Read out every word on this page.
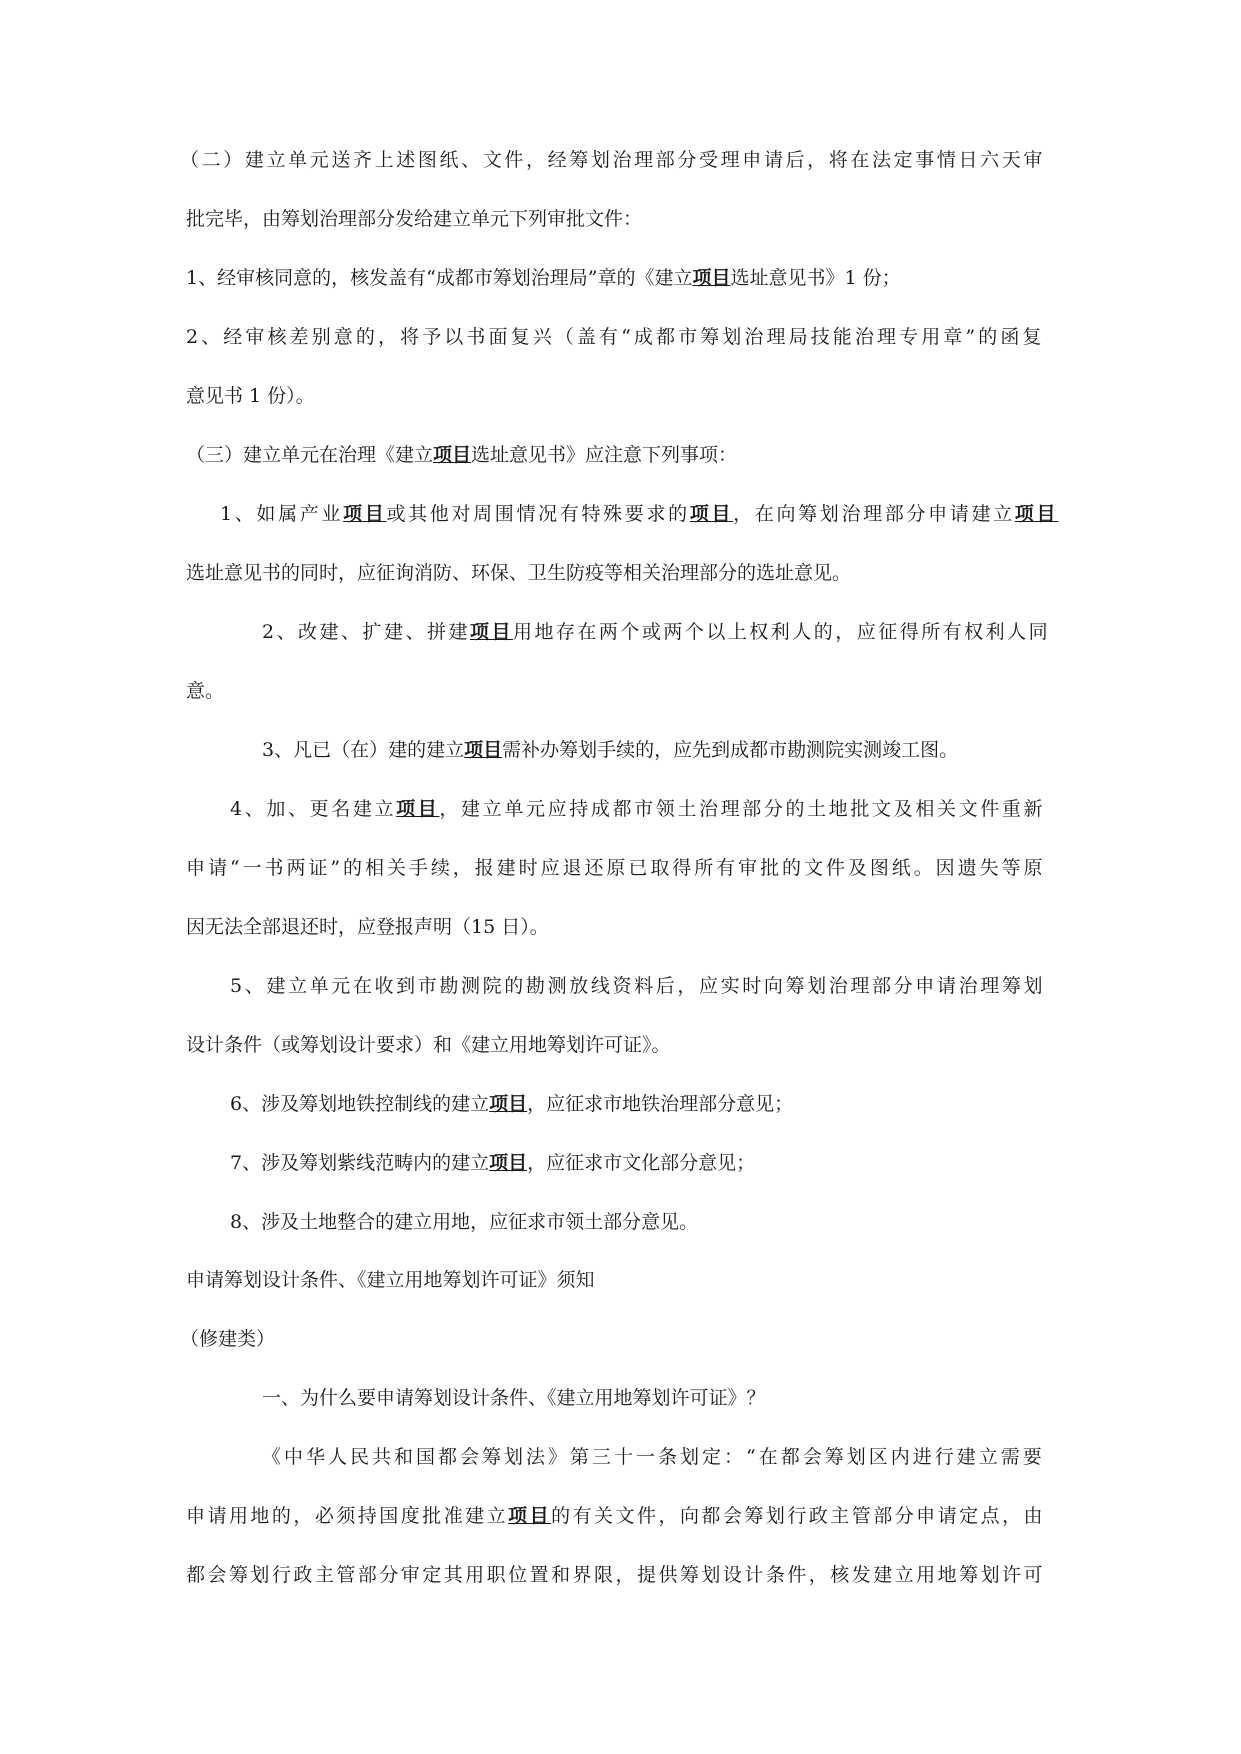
（二）建立单元送齐上述图纸、文件，经筹划治理部分受理申请后，将在法定事情日六天审
批完毕，由筹划治理部分发给建立单元下列审批文件：
1、经审核同意的，核发盖有“成都市筹划治理局”章的《建立项目选址意见书》1 份；
2、经审核差别意的，将予以书面复兴（盖有“成都市筹划治理局技能治理专用章”的函复
意见书 1 份）。
（三）建立单元在治理《建立项目选址意见书》应注意下列事项：
1、如属产业项目或其他对周围情况有特殊要求的项目，在向筹划治理部分申请建立项目
选址意见书的同时，应征询消防、环保、卫生防疫等相关治理部分的选址意见。
2、改建、扩建、拼建项目用地存在两个或两个以上权利人的，应征得所有权利人同
意。
3、凡已（在）建的建立项目需补办筹划手续的，应先到成都市勘测院实测竣工图。
4、加、更名建立项目，建立单元应持成都市领土治理部分的土地批文及相关文件重新
申请“一书两证”的相关手续，报建时应退还原已取得所有审批的文件及图纸。因遗失等原
因无法全部退还时，应登报声明（15 日）。
5、建立单元在收到市勘测院的勘测放线资料后，应实时向筹划治理部分申请治理筹划
设计条件（或筹划设计要求）和《建立用地筹划许可证》。
6、涉及筹划地铁控制线的建立项目，应征求市地铁治理部分意见；
7、涉及筹划紫线范畴内的建立项目，应征求市文化部分意见；
8、涉及土地整合的建立用地，应征求市领土部分意见。
申请筹划设计条件、《建立用地筹划许可证》须知
（修建类）
一、为什么要申请筹划设计条件、《建立用地筹划许可证》？
《中华人民共和国都会筹划法》第三十一条划定：“在都会筹划区内进行建立需要
申请用地的，必须持国度批准建立项目的有关文件，向都会筹划行政主管部分申请定点，由
都会筹划行政主管部分审定其用职位置和界限，提供筹划设计条件，核发建立用地筹划许可
